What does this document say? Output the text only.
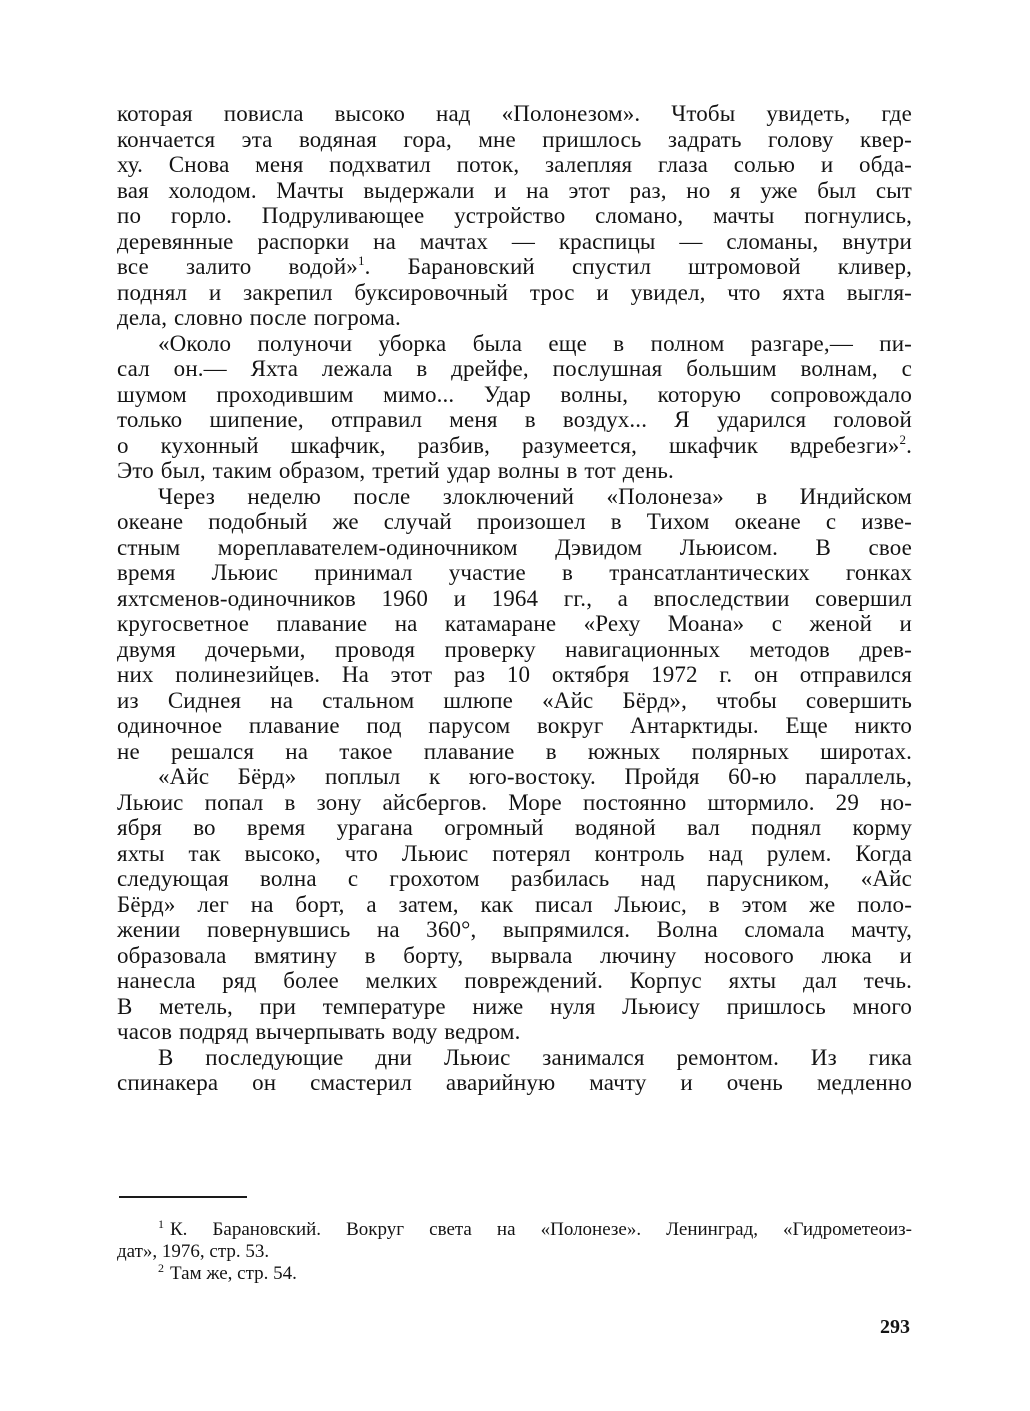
которая повисла высоко над «Полонезом». Чтобы увидеть, где
кончается эта водяная гора, мне пришлось задрать голову квер-
ху. Снова меня подхватил поток, залепляя глаза солью и обда-
вая холодом. Мачты выдержали и на этот раз, но я уже был сыт
по горло. Подруливающее устройство сломано, мачты погнулись,
деревянные распорки на мачтах — краспицы — сломаны, внутри
все залито водой»$^1$. Барановский спустил штромовой кливер,
поднял и закрепил буксировочный трос и увидел, что яхта выгля-
дела, словно после погрома.
«Около полуночи уборка была еще в полном разгаре,— пи-
сал он.— Яхта лежала в дрейфе, послушная большим волнам, с
шумом проходившим мимо... Удар волны, которую сопровождало
только шипение, отправил меня в воздух... Я ударился головой
о кухонный шкафчик, разбив, разумеется, шкафчик вдребезги»$^2$.
Это был, таким образом, третий удар волны в тот день.
Через неделю после злоключений «Полонеза» в Индийском
океане подобный же случай произошел в Тихом океане с изве-
стным мореплавателем-одиночником Дэвидом Льюисом. В свое
время Льюис принимал участие в трансатлантических гонках
яхтсменов-одиночников 1960 и 1964 гг., а впоследствии совершил
кругосветное плавание на катамаране «Реху Моана» с женой и
двумя дочерьми, проводя проверку навигационных методов древ-
них полинезийцев. На этот раз 10 октября 1972 г. он отправился
из Сиднея на стальном шлюпе «Айс Бёрд», чтобы совершить
одиночное плавание под парусом вокруг Антарктиды. Еще никто
не решался на такое плавание в южных полярных широтах.
«Айс Бёрд» поплыл к юго-востоку. Пройдя 60-ю параллель,
Льюис попал в зону айсбергов. Море постоянно штормило. 29 но-
ября во время урагана огромный водяной вал поднял корму
яхты так высоко, что Льюис потерял контроль над рулем. Когда
следующая волна с грохотом разбилась над парусником, «Айс
Бёрд» лег на борт, а затем, как писал Льюис, в этом же поло-
жении повернувшись на 360°, выпрямился. Волна сломала мачту,
образовала вмятину в борту, вырвала лючину носового люка и
нанесла ряд более мелких повреждений. Корпус яхты дал течь.
В метель, при температуре ниже нуля Льюису пришлось много
часов подряд вычерпывать воду ведром.
В последующие дни Льюис занимался ремонтом. Из гика
спинакера он смастерил аварийную мачту и очень медленно
$^1$ К. Барановский. Вокруг света на «Полонезе». Ленинград, «Гидрометеоиз-
дат», 1976, стр. 53.
$^2$ Там же, стр. 54.
293
